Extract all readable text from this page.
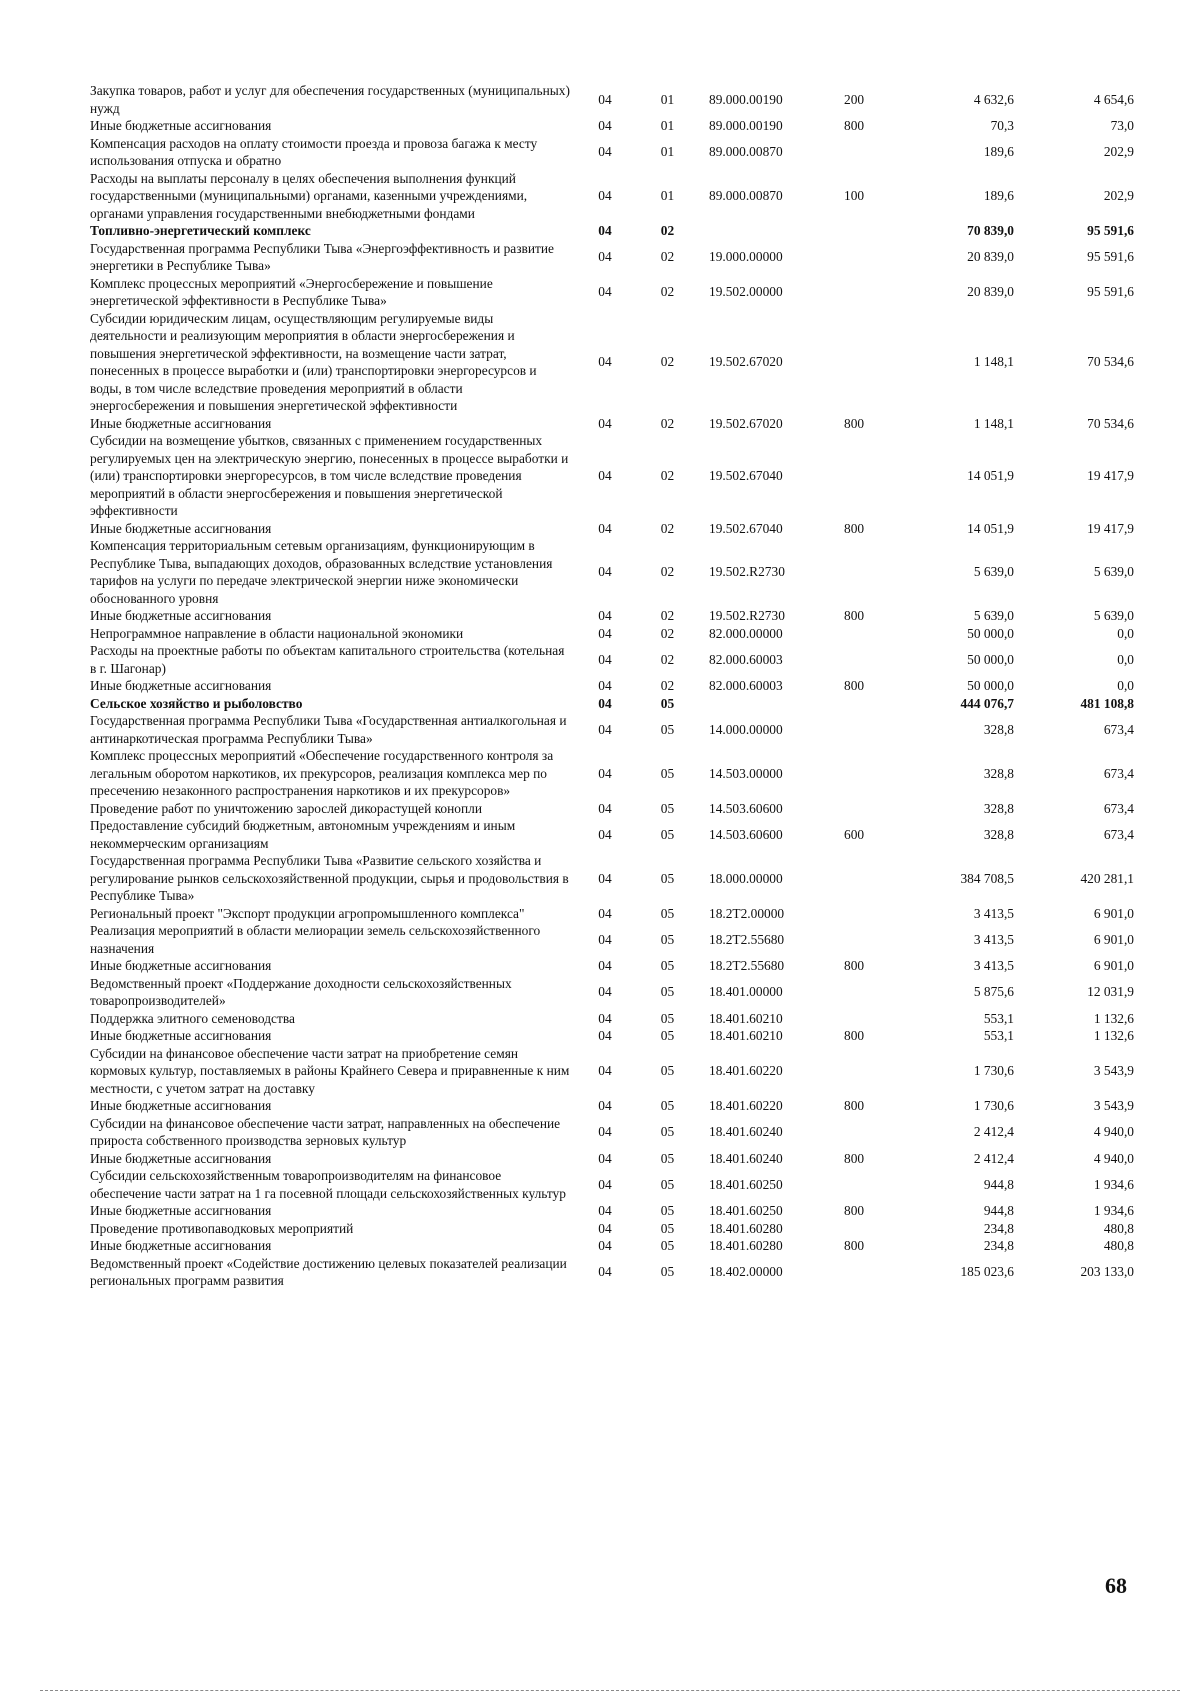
Закупка товаров, работ и услуг для обеспечения государственных (муниципальных) нужд	04	01	89.000.00190	200	4 632,6	4 654,6
Иные бюджетные ассигнования	04	01	89.000.00190	800	70,3	73,0
Компенсация расходов на оплату стоимости проезда и провоза багажа к месту использования отпуска и обратно	04	01	89.000.00870		189,6	202,9
Расходы на выплаты персоналу в целях обеспечения выполнения функций государственными (муниципальными) органами, казенными учреждениями, органами управления государственными внебюджетными фондами	04	01	89.000.00870	100	189,6	202,9
Топливно-энергетический комплекс	04	02			70 839,0	95 591,6
Государственная программа Республики Тыва «Энергоэффективность и развитие энергетики в Республике Тыва»	04	02	19.000.00000		20 839,0	95 591,6
Комплекс процессных мероприятий «Энергосбережение и повышение энергетической эффективности в Республике Тыва»	04	02	19.502.00000		20 839,0	95 591,6
Субсидии юридическим лицам, осуществляющим регулируемые виды деятельности и реализующим мероприятия в области энергосбережения и повышения энергетической эффективности, на возмещение части затрат, понесенных в процессе выработки и (или) транспортировки энергоресурсов и воды, в том числе вследствие проведения мероприятий в области энергосбережения и повышения энергетической эффективности	04	02	19.502.67020		1 148,1	70 534,6
Иные бюджетные ассигнования	04	02	19.502.67020	800	1 148,1	70 534,6
Субсидии на возмещение убытков, связанных с применением государственных регулируемых цен на электрическую энергию, понесенных в процессе выработки и (или) транспортировки энергоресурсов, в том числе вследствие проведения мероприятий в области энергосбережения и повышения энергетической эффективности	04	02	19.502.67040		14 051,9	19 417,9
Иные бюджетные ассигнования	04	02	19.502.67040	800	14 051,9	19 417,9
Компенсация территориальным сетевым организациям, функционирующим в Республике Тыва, выпадающих доходов, образованных вследствие установления тарифов на услуги по передаче электрической энергии ниже экономически обоснованного уровня	04	02	19.502.R2730		5 639,0	5 639,0
Иные бюджетные ассигнования	04	02	19.502.R2730	800	5 639,0	5 639,0
Непрограммное направление в области национальной экономики	04	02	82.000.00000		50 000,0	0,0
Расходы на проектные работы по объектам капитального строительства (котельная в г. Шагонар)	04	02	82.000.60003		50 000,0	0,0
Иные бюджетные ассигнования	04	02	82.000.60003	800	50 000,0	0,0
Сельское хозяйство и рыболовство	04	05			444 076,7	481 108,8
Государственная программа Республики Тыва «Государственная антиалкогольная и антинаркотическая программа Республики Тыва»	04	05	14.000.00000		328,8	673,4
Комплекс процессных мероприятий «Обеспечение государственного контроля за легальным оборотом наркотиков, их прекурсоров, реализация комплекса мер по пресечению незаконного распространения наркотиков и их прекурсоров»	04	05	14.503.00000		328,8	673,4
Проведение работ по уничтожению зарослей дикорастущей конопли	04	05	14.503.60600		328,8	673,4
Предоставление субсидий бюджетным, автономным учреждениям и иным некоммерческим организациям	04	05	14.503.60600	600	328,8	673,4
Государственная программа Республики Тыва «Развитие сельского хозяйства и регулирование рынков сельскохозяйственной продукции, сырья и продовольствия в Республике Тыва»	04	05	18.000.00000		384 708,5	420 281,1
Региональный проект "Экспорт продукции агропромышленного комплекса"	04	05	18.2Т2.00000		3 413,5	6 901,0
Реализация мероприятий в области мелиорации земель сельскохозяйственного назначения	04	05	18.2Т2.55680		3 413,5	6 901,0
Иные бюджетные ассигнования	04	05	18.2Т2.55680	800	3 413,5	6 901,0
Ведомственный проект «Поддержание доходности сельскохозяйственных товаропроизводителей»	04	05	18.401.00000		5 875,6	12 031,9
Поддержка элитного семеноводства	04	05	18.401.60210		553,1	1 132,6
Иные бюджетные ассигнования	04	05	18.401.60210	800	553,1	1 132,6
Субсидии на финансовое обеспечение части затрат на приобретение семян кормовых культур, поставляемых в районы Крайнего Севера и приравненные к ним местности, с учетом затрат на доставку	04	05	18.401.60220		1 730,6	3 543,9
Иные бюджетные ассигнования	04	05	18.401.60220	800	1 730,6	3 543,9
Субсидии на финансовое обеспечение части затрат, направленных на обеспечение прироста собственного производства зерновых культур	04	05	18.401.60240		2 412,4	4 940,0
Иные бюджетные ассигнования	04	05	18.401.60240	800	2 412,4	4 940,0
Субсидии сельскохозяйственным товаропроизводителям на финансовое обеспечение части затрат на 1 га посевной площади сельскохозяйственных культур	04	05	18.401.60250		944,8	1 934,6
Иные бюджетные ассигнования	04	05	18.401.60250	800	944,8	1 934,6
Проведение противопаводковых мероприятий	04	05	18.401.60280		234,8	480,8
Иные бюджетные ассигнования	04	05	18.401.60280	800	234,8	480,8
Ведомственный проект «Содействие достижению целевых показателей реализации региональных программ развития	04	05	18.402.00000		185 023,6	203 133,0
68
